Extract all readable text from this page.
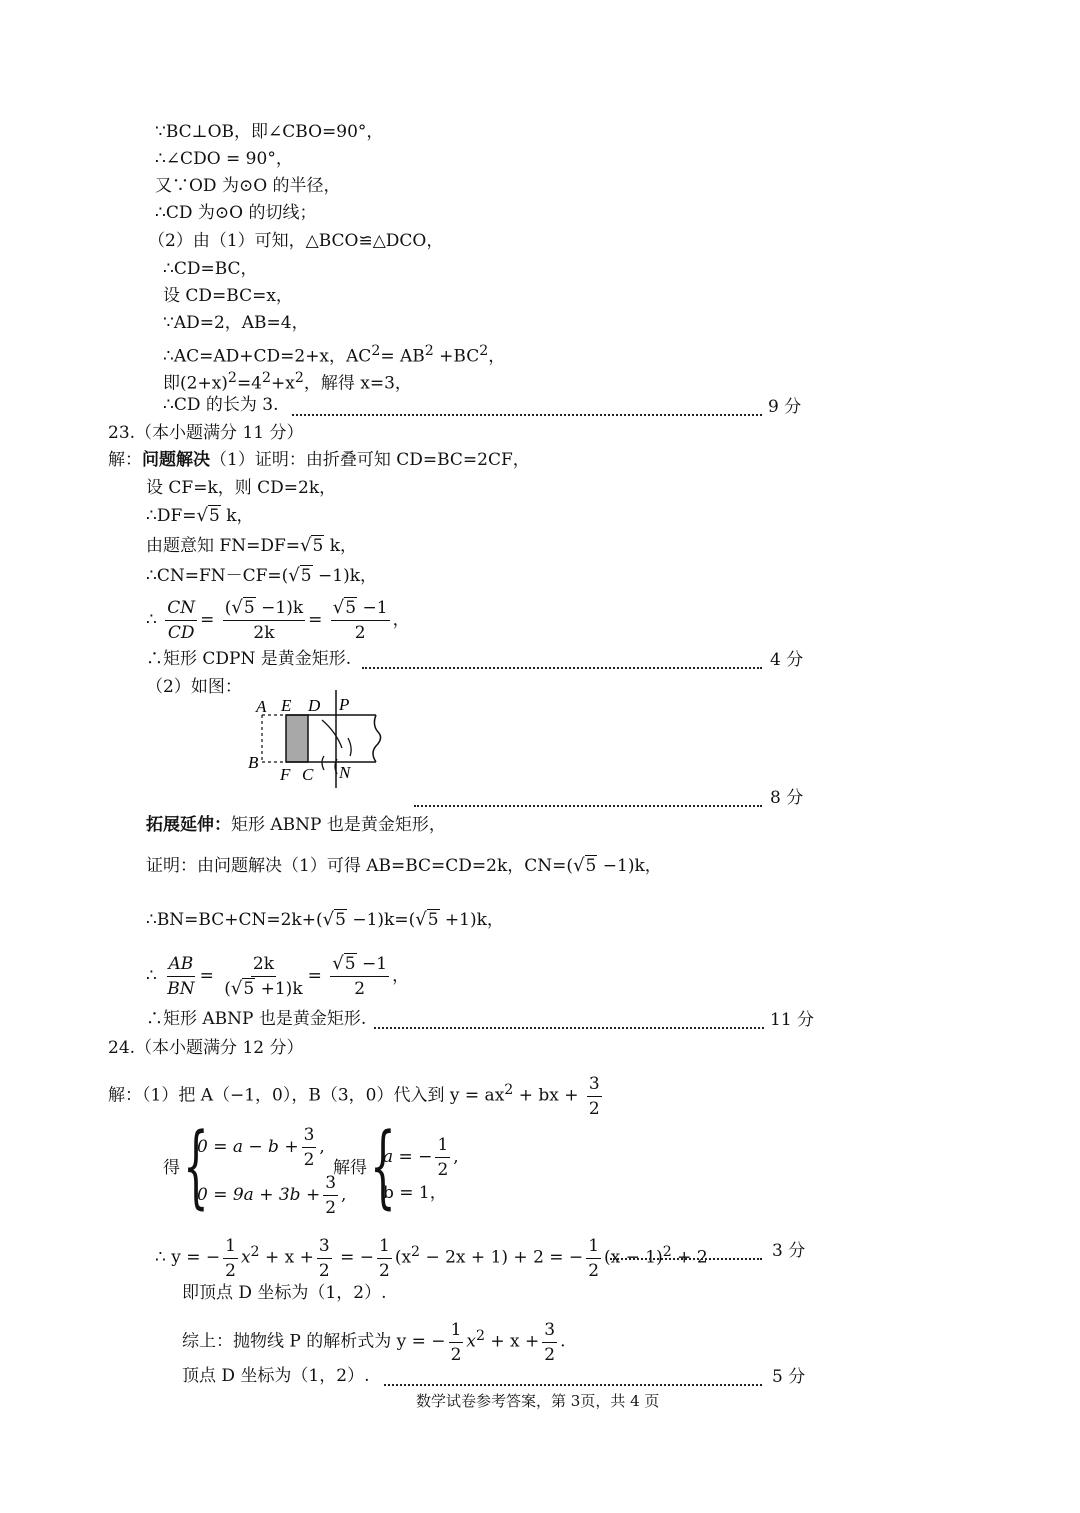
∵BC⊥OB，即∠CBO=90°，
∴∠CDO = 90°，
又∵OD 为⊙O 的半径，
∴CD 为⊙O 的切线；
（2）由（1）可知，△BCO≌△DCO，
∴CD=BC，
设 CD=BC=x，
∵AD=2，AB=4，
∴AC=AD+CD=2+x，$AC^2= AB^2 +BC^2$，
即$(2+x)^2=4^2+x^2$，解得 x=3，
∴CD 的长为 3.	9 分
23.（本小题满分 11 分）
解：问题解决（1）证明：由折叠可知 CD=BC=2CF，
设 CF=k，则 CD=2k，
∴DF=√5 k，
由题意知 FN=DF=√5 k，
∴CN=FN－CF=(√5 −1)k，
∴ $\frac{CN}{CD} = \frac{(√5 -1)k}{2k} = \frac{√5 -1}{2}$ ，
∴矩形 CDPN 是黄金矩形.	4 分
（2）如图：
A E D P
B
F C N
8 分
拓展延伸：矩形 ABNP 也是黄金矩形，
证明：由问题解决（1）可得 AB=BC=CD=2k，CN=(√5 −1)k，
∴BN=BC+CN=2k+(√5 −1)k=(√5 +1)k，
∴ $\frac{AB}{BN} = \frac{2k}{(√5 +1)k} = \frac{√5 -1}{2}$ ，
∴矩形 ABNP 也是黄金矩形.	11 分
24.（本小题满分 12 分）
解：（1）把 A（−1，0），B（3，0）代入到 $y = ax^2$ + bx + $\frac{3}{2}$
得 {
$0 = a - b + \frac{3}{2}$ ,
$0 = 9a + 3b + \frac{3}{2}$ ,
解得 {
a = − $\frac{1}{2}$ ,
b = 1，
∴ y = − $\frac{1}{2} x^2 + x + \frac{3}{2}$ = − $\frac{1}{2} (x^2 - 2x + 1) + 2$ = − $\frac{1}{2} (x - 1)^2 + 2$	3 分
即顶点 D 坐标为（1，2）.
综上：抛物线 P 的解析式为 y = − $\frac{1}{2} x^2 + x + \frac{3}{2}$ .
顶点 D 坐标为（1，2）.	5 分
数学试卷参考答案，第 3页，共 4 页
